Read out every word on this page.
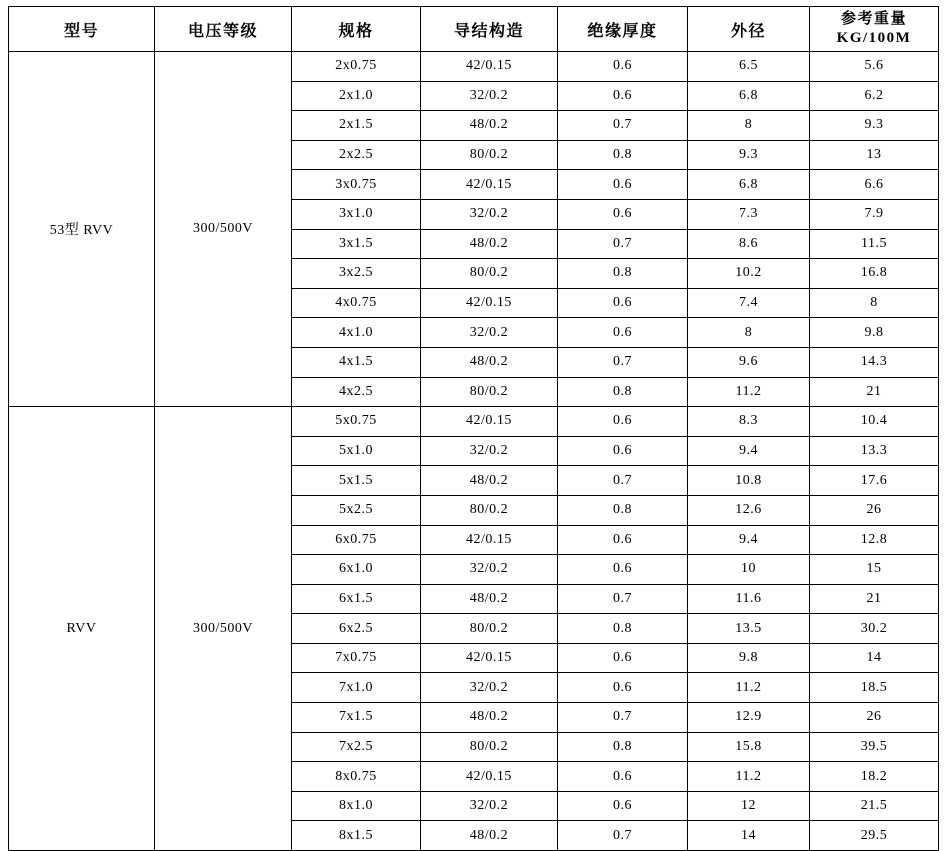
型号	电压等级	规格	导结构造	绝缘厚度	外径	参考重量
KG/100M

53型 RVV	300/500V	2x0.75	42/0.15	0.6	6.5	5.6
		2x1.0	32/0.2	0.6	6.8	6.2
		2x1.5	48/0.2	0.7	8	9.3
		2x2.5	80/0.2	0.8	9.3	13
		3x0.75	42/0.15	0.6	6.8	6.6
		3x1.0	32/0.2	0.6	7.3	7.9
		3x1.5	48/0.2	0.7	8.6	11.5
		3x2.5	80/0.2	0.8	10.2	16.8
		4x0.75	42/0.15	0.6	7.4	8
		4x1.0	32/0.2	0.6	8	9.8
		4x1.5	48/0.2	0.7	9.6	14.3
		4x2.5	80/0.2	0.8	11.2	21
RVV	300/500V	5x0.75	42/0.15	0.6	8.3	10.4
		5x1.0	32/0.2	0.6	9.4	13.3
		5x1.5	48/0.2	0.7	10.8	17.6
		5x2.5	80/0.2	0.8	12.6	26
		6x0.75	42/0.15	0.6	9.4	12.8
		6x1.0	32/0.2	0.6	10	15
		6x1.5	48/0.2	0.7	11.6	21
		6x2.5	80/0.2	0.8	13.5	30.2
		7x0.75	42/0.15	0.6	9.8	14
		7x1.0	32/0.2	0.6	11.2	18.5
		7x1.5	48/0.2	0.7	12.9	26
		7x2.5	80/0.2	0.8	15.8	39.5
		8x0.75	42/0.15	0.6	11.2	18.2
		8x1.0	32/0.2	0.6	12	21.5
		8x1.5	48/0.2	0.7	14	29.5
